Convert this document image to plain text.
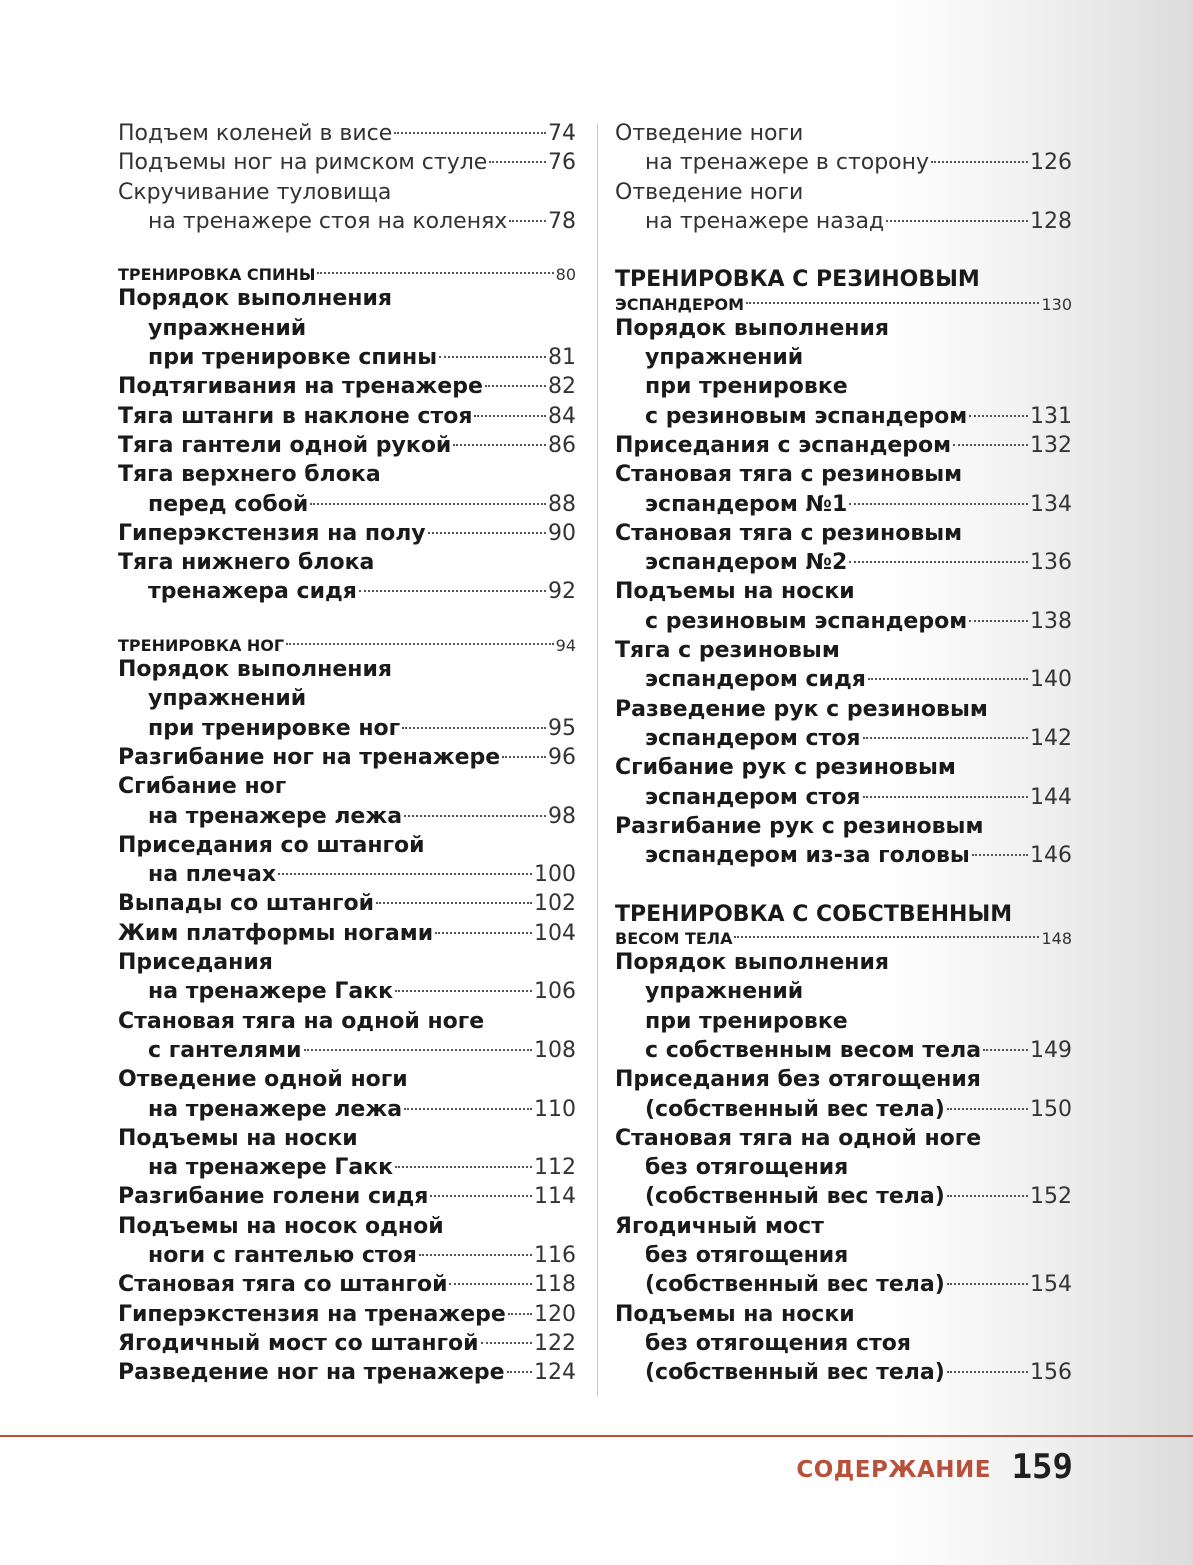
Подъем коленей в висе	74
Подъемы ног на римском стуле	76
Скручивание туловища
на тренажере стоя на коленях 78
ТРЕНИРОВКА СПИНЫ	80
Порядок выполнения
упражнений
при тренировке спины	81
Подтягивания на тренажере	82
Тяга штанги в наклоне стоя	84
Тяга гантели одной рукой	86
Тяга верхнего блока
перед собой	88
Гиперэкстензия на полу	90
Тяга нижнего блока
тренажера сидя	92
ТРЕНИРОВКА НОГ	94
Порядок выполнения
упражнений
при тренировке ног	95
Разгибание ног на тренажере 96
Сгибание ног
на тренажере лежа	98
Приседания со штангой
на плечах	100
Выпады со штангой	102
Жим платформы ногами	104
Приседания
на тренажере Гакк	106
Становая тяга на одной ноге
с гантелями	108
Отведение одной ноги
на тренажере лежа	110
Подъемы на носки
на тренажере Гакк	112
Разгибание голени сидя	114
Подъемы на носок одной
ноги с гантелью стоя	116
Становая тяга со штангой	118
Гиперэкстензия на тренажере 120
Ягодичный мост со штангой	122
Разведение ног на тренажере 124
Отведение ноги
на тренажере в сторону	126
Отведение ноги
на тренажере назад	128
ТРЕНИРОВКА С РЕЗИНОВЫМ
ЭСПАНДЕРОМ	130
Порядок выполнения
упражнений
при тренировке
с резиновым эспандером	131
Приседания с эспандером	132
Становая тяга с резиновым
эспандером №1	134
Становая тяга с резиновым
эспандером №2	136
Подъемы на носки
с резиновым эспандером	138
Тяга с резиновым
эспандером сидя	140
Разведение рук с резиновым
эспандером стоя	142
Сгибание рук с резиновым
эспандером стоя	144
Разгибание рук с резиновым
эспандером из-за головы	146
ТРЕНИРОВКА С СОБСТВЕННЫМ
ВЕСОМ ТЕЛА	148
Порядок выполнения
упражнений
при тренировке
с собственным весом тела 149
Приседания без отягощения
(собственный вес тела)	150
Становая тяга на одной ноге
без отягощения
(собственный вес тела)	152
Ягодичный мост
без отягощения
(собственный вес тела)	154
Подъемы на носки
без отягощения стоя
(собственный вес тела)	156
СОДЕРЖАНИЕ 159
